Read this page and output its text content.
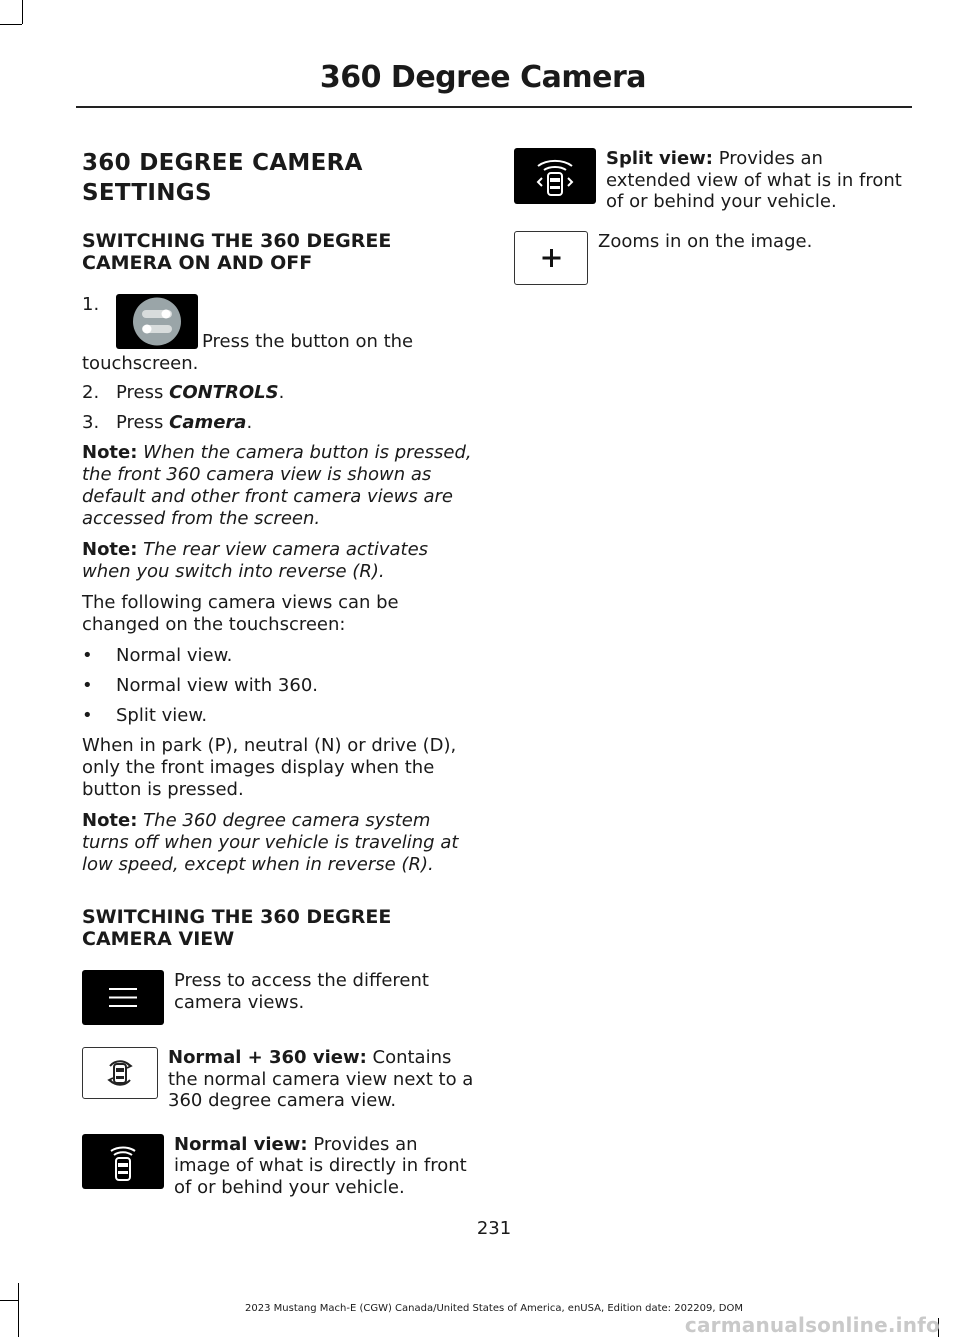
360 Degree Camera
360 DEGREE CAMERA
SETTINGS
SWITCHING THE 360 DEGREE CAMERA ON AND OFF
1.

Press the button on the touchscreen.

2. Press CONTROLS.
3. Press Camera.

Note: When the camera button is pressed, the front 360 camera view is shown as default and other front camera views are accessed from the screen.

Note: The rear view camera activates when you switch into reverse (R).

The following camera views can be changed on the touchscreen:

•	Normal view.
•	Normal view with 360.
•	Split view.

When in park (P), neutral (N) or drive (D), only the front images display when the button is pressed.

Note: The 360 degree camera system turns off when your vehicle is traveling at low speed, except when in reverse (R).

SWITCHING THE 360 DEGREE CAMERA VIEW
Press to access the different camera views.
Normal + 360 view: Contains the normal camera view next to a 360 degree camera view.
Normal view: Provides an image of what is directly in front of or behind your vehicle.
Split view: Provides an extended view of what is in front of or behind your vehicle.
Zooms in on the image.
231
2023 Mustang Mach-E (CGW) Canada/United States of America, enUSA, Edition date: 202209, DOM
carmanualsonline.info
